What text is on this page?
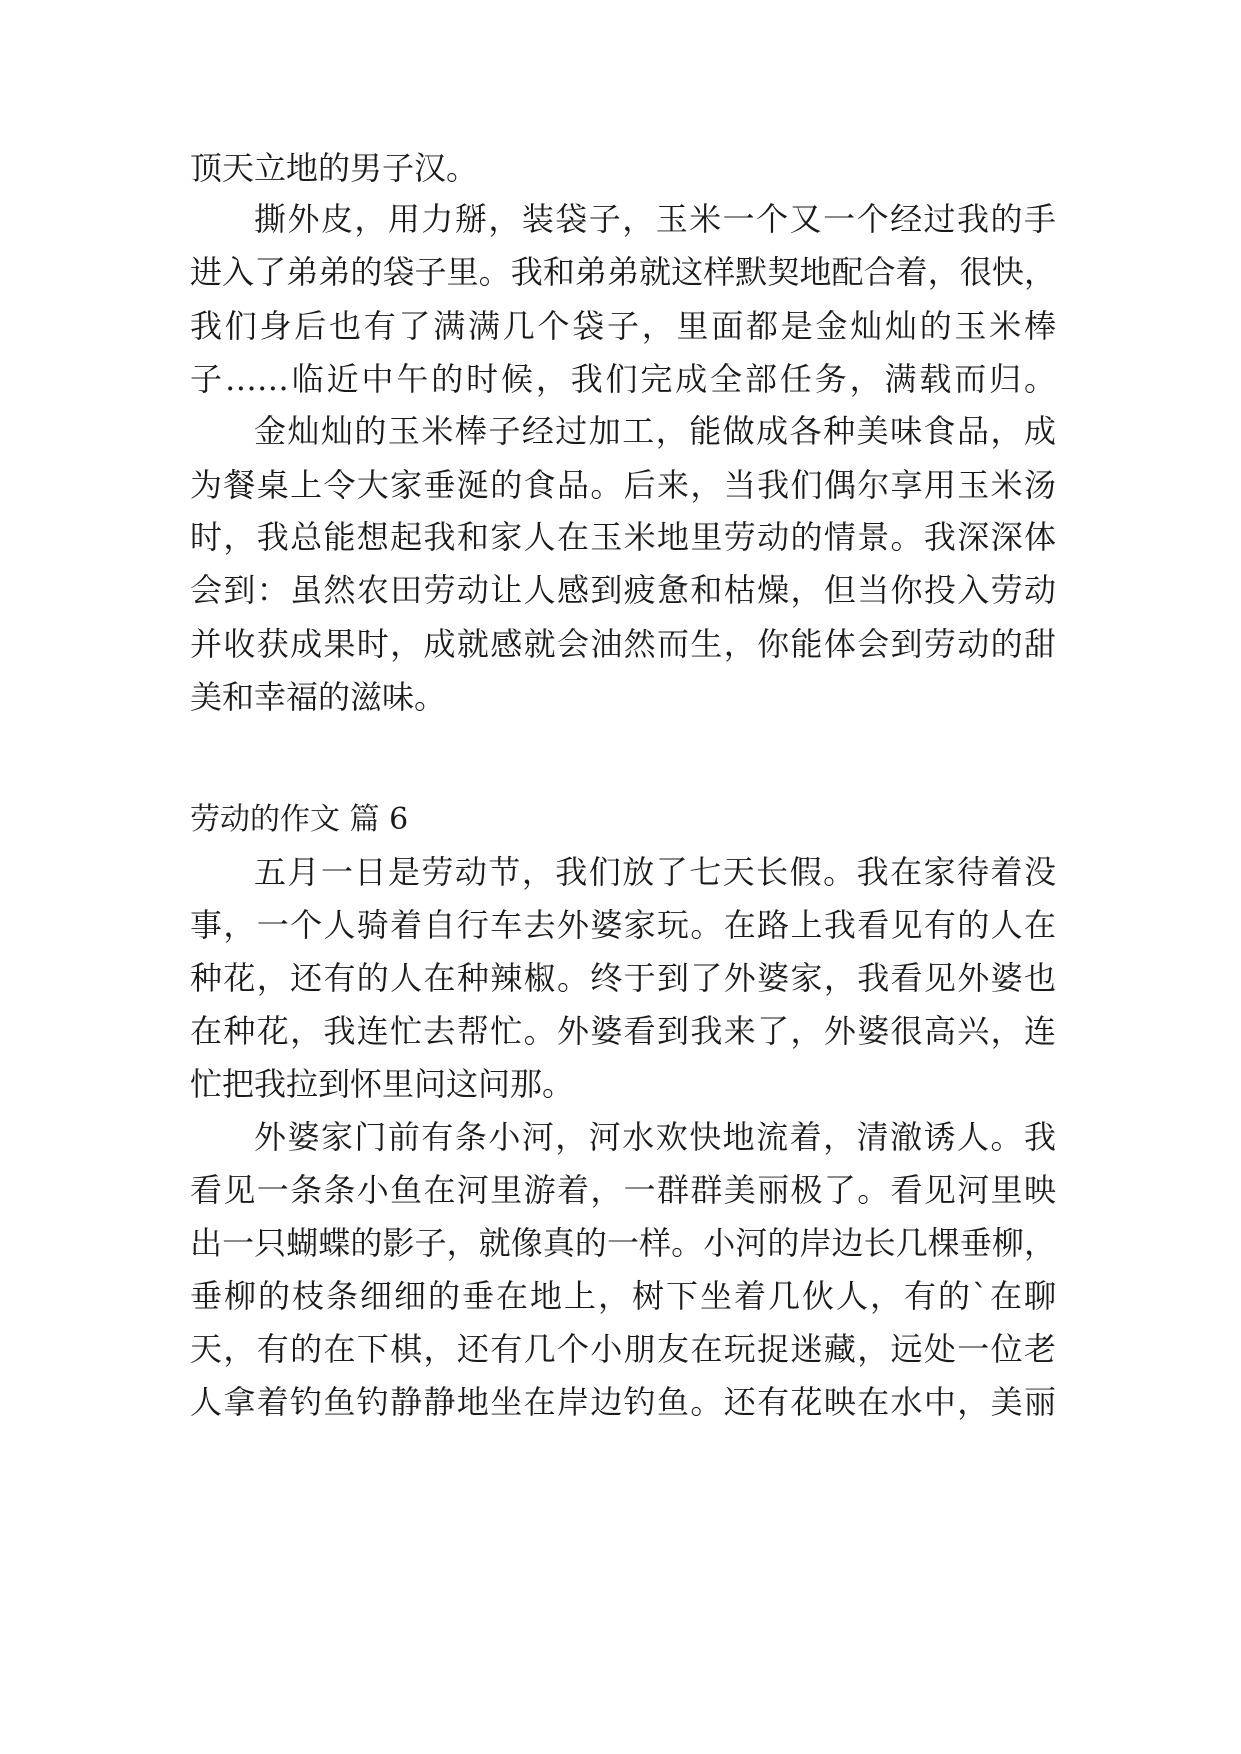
顶天立地的男子汉。
撕外皮，用力掰，装袋子，玉米一个又一个经过我的手
进入了弟弟的袋子里。我和弟弟就这样默契地配合着，很快，
我们身后也有了满满几个袋子，里面都是金灿灿的玉米棒
子……临近中午的时候，我们完成全部任务，满载而归。
金灿灿的玉米棒子经过加工，能做成各种美味食品，成
为餐桌上令大家垂涎的食品。后来，当我们偶尔享用玉米汤
时，我总能想起我和家人在玉米地里劳动的情景。我深深体
会到：虽然农田劳动让人感到疲惫和枯燥，但当你投入劳动
并收获成果时，成就感就会油然而生，你能体会到劳动的甜
美和幸福的滋味。
劳动的作文 篇 6
五月一日是劳动节，我们放了七天长假。我在家待着没
事，一个人骑着自行车去外婆家玩。在路上我看见有的人在
种花，还有的人在种辣椒。终于到了外婆家，我看见外婆也
在种花，我连忙去帮忙。外婆看到我来了，外婆很高兴，连
忙把我拉到怀里问这问那。
外婆家门前有条小河，河水欢快地流着，清澈诱人。我
看见一条条小鱼在河里游着，一群群美丽极了。看见河里映
出一只蝴蝶的影子，就像真的一样。小河的岸边长几棵垂柳，
垂柳的枝条细细的垂在地上，树下坐着几伙人，有的`在聊
天，有的在下棋，还有几个小朋友在玩捉迷藏，远处一位老
人拿着钓鱼钓静静地坐在岸边钓鱼。还有花映在水中，美丽
